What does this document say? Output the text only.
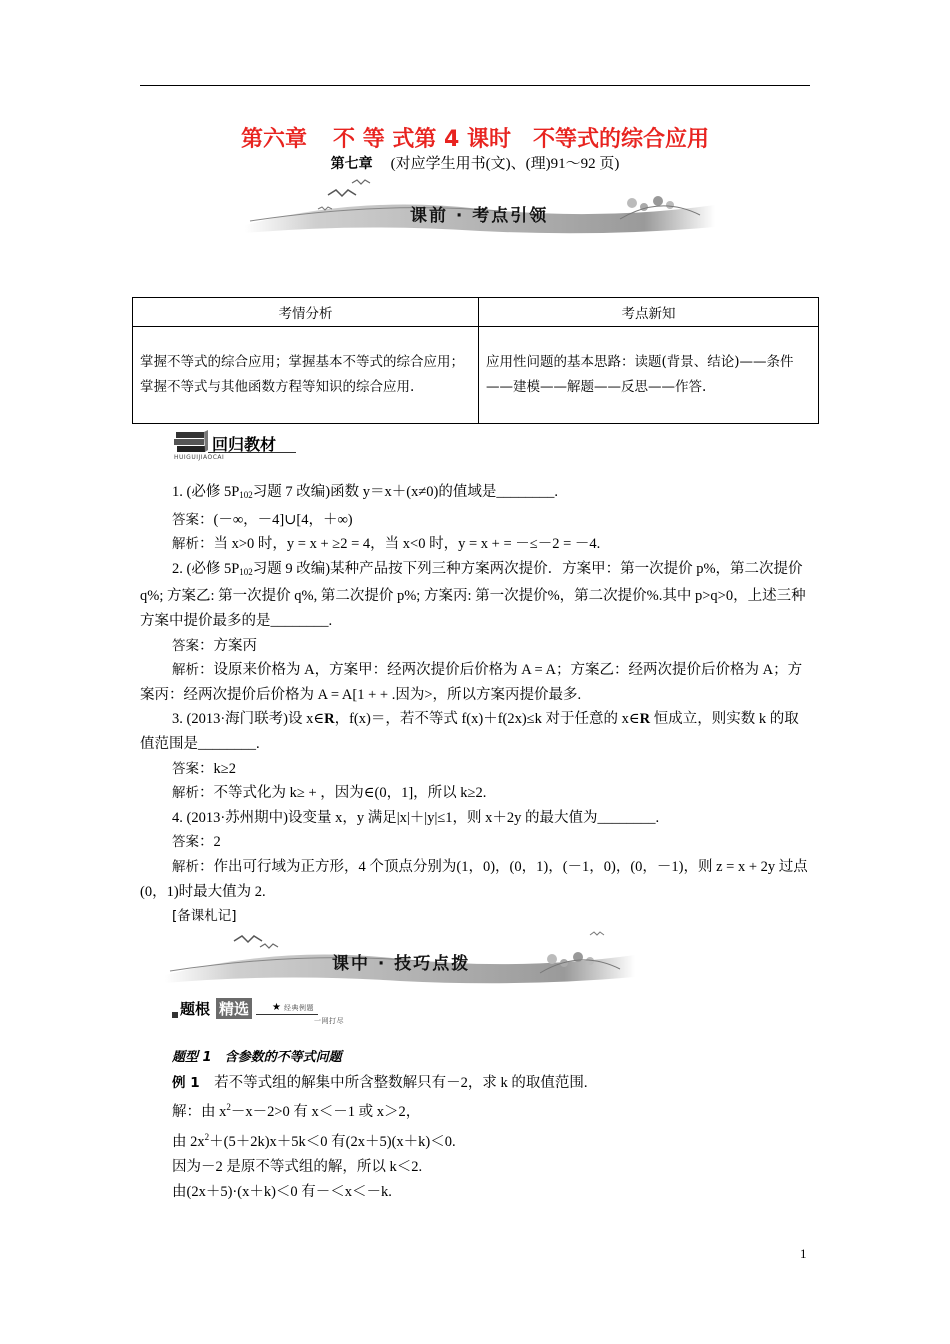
第六章 不 等 式第 4 课时　不等式的综合应用
第七章 (对应学生用书(文)、(理)91～92 页)
课前 · 考点引领
考情分析	考点新知
掌握不等式的综合应用；掌握基本不等式的综合应用；掌握不等式与其他函数方程等知识的综合应用.	应用性问题的基本思路：读题(背景、结论)——条件——建模——解题——反思——作答.
回归教材
HUIGUIJIAOCAI

1. (必修 $5P_{102}$习题 7 改编)函数 y＝x＋(x≠0)的值域是________.

答案：(－∞，－4]∪[4，＋∞)

解析：当 x>0 时，y = x + ≥2 = 4，当 x<0 时，y = x + = －≤－2 = －4.

2. (必修 $5P_{102}$习题 9 改编)某种产品按下列三种方案两次提价．方案甲：第一次提价 p%，第二次提价 q%; 方案乙: 第一次提价 q%, 第二次提价 p%; 方案丙: 第一次提价%，第二次提价%.其中 p>q>0，上述三种方案中提价最多的是________.

答案：方案丙

解析：设原来价格为 A，方案甲：经两次提价后价格为 A = A；方案乙：经两次提价后价格为 A；方案丙：经两次提价后价格为 A = A[1 + + .因为>，所以方案丙提价最多.

3. (2013·海门联考)设 x∈R，f(x)＝，若不等式 f(x)＋f(2x)≤k 对于任意的 x∈R 恒成立，则实数 k 的取值范围是________.

答案：k≥2

解析：不等式化为 k≥ + ，因为∈(0，1]，所以 k≥2.

4. (2013·苏州期中)设变量 x，y 满足|x|＋|y|≤1，则 x＋2y 的最大值为________.

答案：2

解析：作出可行域为正方形，4 个顶点分别为(1，0)，(0，1)，(－1，0)，(0，－1)，则 z = x + 2y 过点(0，1)时最大值为 2.

[备课札记]

课中 · 技巧点拨
题根 精选	★ 经典例题
一网打尽

题型 1　含参数的不等式问题

例 1　若不等式组的解集中所含整数解只有－2，求 k 的取值范围.

解：由 $x^2-x-2>0$ 有 x＜－1 或 x＞2，

由 $2x^2+(5+2k)x+5k<0$ 有(2x＋5)(x＋k)＜0.

因为－2 是原不等式组的解，所以 k＜2.

由(2x＋5)·(x＋k)＜0 有－＜x＜－k.

1
